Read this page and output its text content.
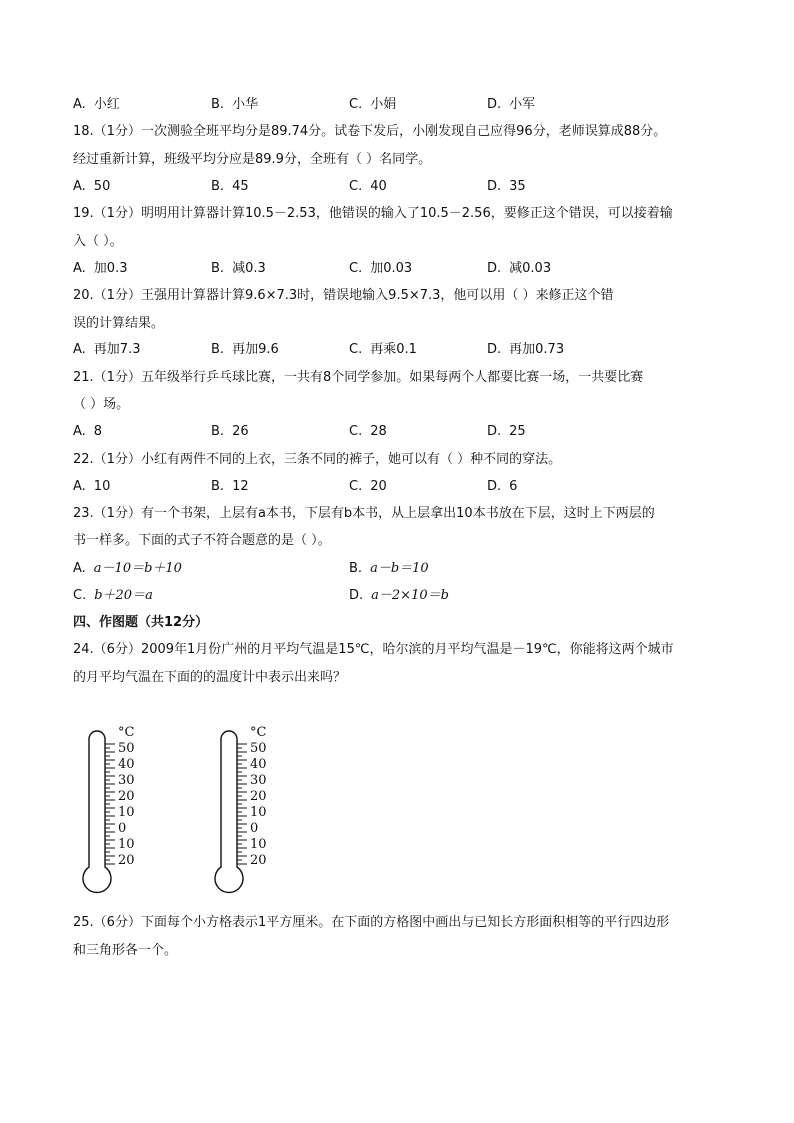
A. 小红	B. 小华	C. 小娟	D. 小军
18.（1分）一次测验全班平均分是89.74分。试卷下发后，小刚发现自己应得96分，老师误算成88分。
经过重新计算，班级平均分应是89.9分，全班有（ ）名同学。
A. 50	B. 45	C. 40	D. 35
19.（1分）明明用计算器计算10.5－2.53，他错误的输入了10.5－2.56，要修正这个错误，可以接着输
入（ ）。
A. 加0.3	B. 减0.3	C. 加0.03	D. 减0.03
20.（1分）王强用计算器计算9.6×7.3时，错误地输入9.5×7.3，他可以用（ ）来修正这个错
误的计算结果。
A. 再加7.3	B. 再加9.6	C. 再乘0.1	D. 再加0.73
21.（1分）五年级举行乒乓球比赛，一共有8个同学参加。如果每两个人都要比赛一场，一共要比赛
（ ）场。
A. 8	B. 26	C. 28	D. 25
22.（1分）小红有两件不同的上衣，三条不同的裤子，她可以有（ ）种不同的穿法。
A. 10	B. 12	C. 20	D. 6
23.（1分）有一个书架，上层有a本书，下层有b本书，从上层拿出10本书放在下层，这时上下两层的
书一样多。下面的式子不符合题意的是（ ）。
A. a－10＝b＋10	B. a－b＝10
C. b＋20＝a	D. a－2×10＝b
四、作图题（共12分）
24.（6分）2009年1月份广州的月平均气温是15℃，哈尔滨的月平均气温是－19℃，你能将这两个城市
的月平均气温在下面的的温度计中表示出来吗？
°C
50
40
30
20
10
0
10
20
°C
50
40
30
20
10
0
10
20
25.（6分）下面每个小方格表示1平方厘米。在下面的方格图中画出与已知长方形面积相等的平行四边形
和三角形各一个。
